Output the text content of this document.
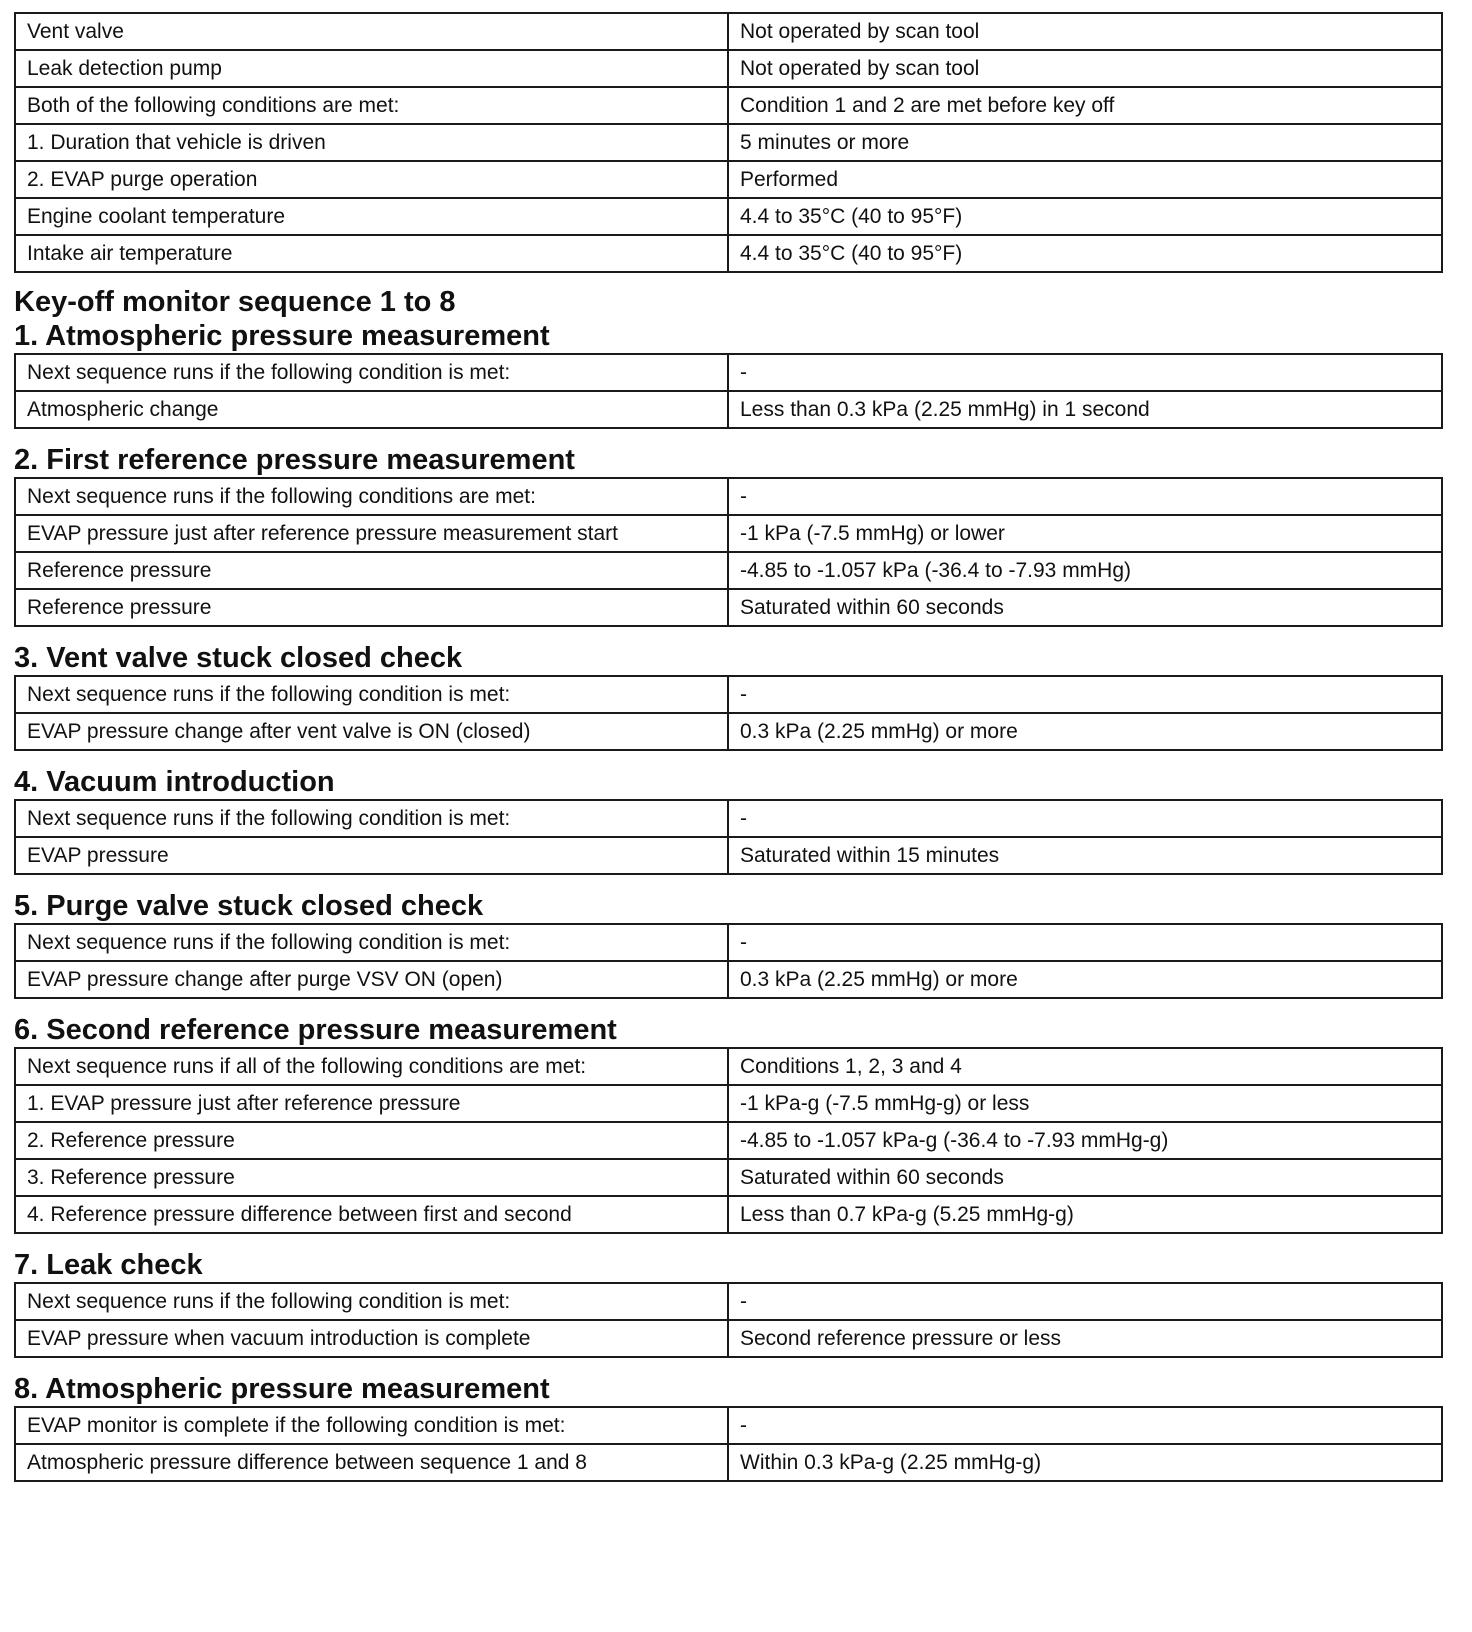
Vent valve	Not operated by scan tool
Leak detection pump	Not operated by scan tool
Both of the following conditions are met:	Condition 1 and 2 are met before key off
1. Duration that vehicle is driven	5 minutes or more
2. EVAP purge operation	Performed
Engine coolant temperature	4.4 to 35°C (40 to 95°F)
Intake air temperature	4.4 to 35°C (40 to 95°F)
Key-off monitor sequence 1 to 8
1. Atmospheric pressure measurement
Next sequence runs if the following condition is met:	-
Atmospheric change	Less than 0.3 kPa (2.25 mmHg) in 1 second
2. First reference pressure measurement
Next sequence runs if the following conditions are met:	-
EVAP pressure just after reference pressure measurement start	-1 kPa (-7.5 mmHg) or lower
Reference pressure	-4.85 to -1.057 kPa (-36.4 to -7.93 mmHg)
Reference pressure	Saturated within 60 seconds
3. Vent valve stuck closed check
Next sequence runs if the following condition is met:	-
EVAP pressure change after vent valve is ON (closed)	0.3 kPa (2.25 mmHg) or more
4. Vacuum introduction
Next sequence runs if the following condition is met:	-
EVAP pressure	Saturated within 15 minutes
5. Purge valve stuck closed check
Next sequence runs if the following condition is met:	-
EVAP pressure change after purge VSV ON (open)	0.3 kPa (2.25 mmHg) or more
6. Second reference pressure measurement
Next sequence runs if all of the following conditions are met:	Conditions 1, 2, 3 and 4
1. EVAP pressure just after reference pressure	-1 kPa-g (-7.5 mmHg-g) or less
2. Reference pressure	-4.85 to -1.057 kPa-g (-36.4 to -7.93 mmHg-g)
3. Reference pressure	Saturated within 60 seconds
4. Reference pressure difference between first and second	Less than 0.7 kPa-g (5.25 mmHg-g)
7. Leak check
Next sequence runs if the following condition is met:	-
EVAP pressure when vacuum introduction is complete	Second reference pressure or less
8. Atmospheric pressure measurement
EVAP monitor is complete if the following condition is met:	-
Atmospheric pressure difference between sequence 1 and 8	Within 0.3 kPa-g (2.25 mmHg-g)
